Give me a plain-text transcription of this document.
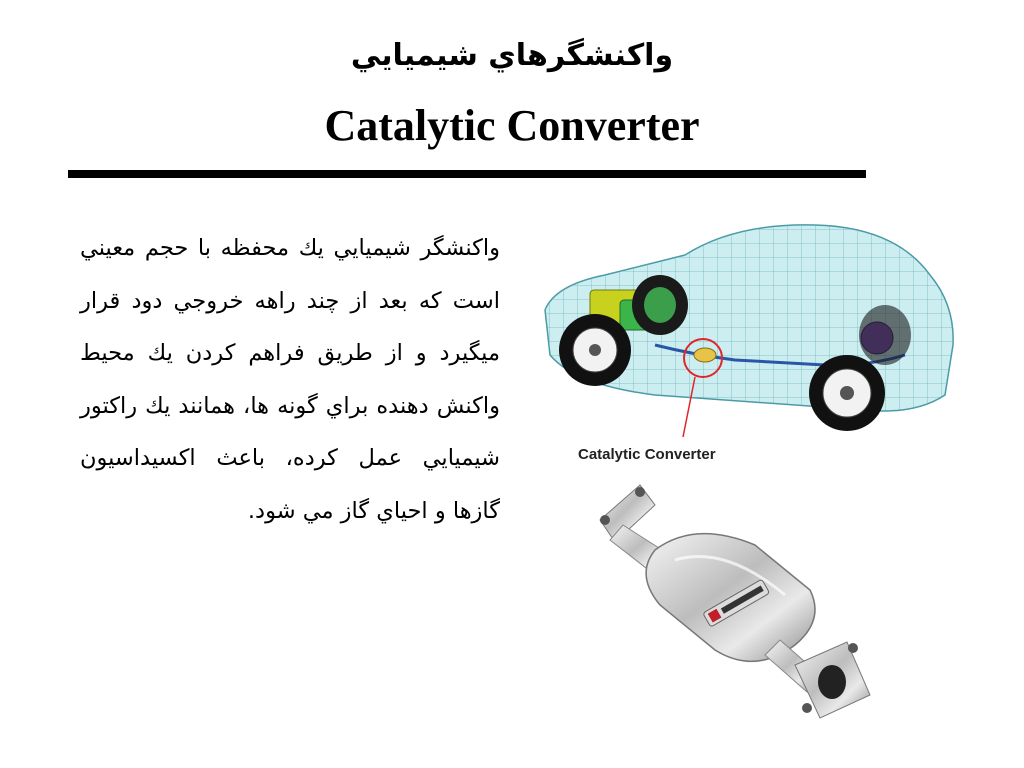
واكنشگرهاي شيميايي
Catalytic Converter
واكنشگر شيميايي يك محفظه با حجم معيني است كه بعد از چند راهه خروجي دود قرار ميگيرد و از طريق فراهم كردن يك محيط واكنش دهنده براي گونه ها، همانند يك راكتور شيميايي عمل كرده، باعث اكسيداسيون گازها و احياي گاز مي شود.
Catalytic Converter
